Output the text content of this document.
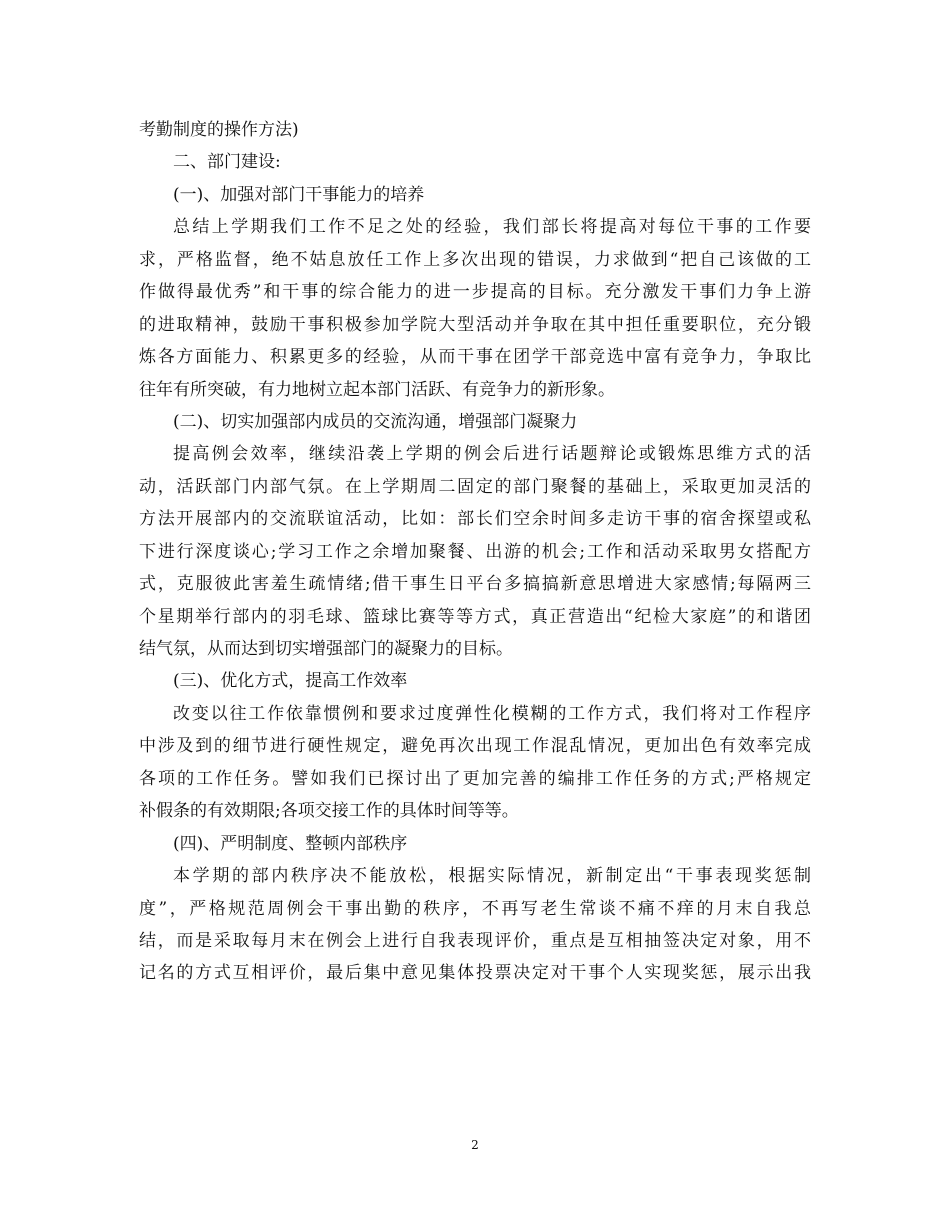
考勤制度的操作方法)
二、部门建设:
(一)、加强对部门干事能力的培养
总结上学期我们工作不足之处的经验，我们部长将提高对每位干事的工作要
求，严格监督，绝不姑息放任工作上多次出现的错误，力求做到“把自己该做的工
作做得最优秀”和干事的综合能力的进一步提高的目标。充分激发干事们力争上游
的进取精神，鼓励干事积极参加学院大型活动并争取在其中担任重要职位，充分锻
炼各方面能力、积累更多的经验，从而干事在团学干部竞选中富有竞争力，争取比
往年有所突破，有力地树立起本部门活跃、有竞争力的新形象。
(二)、切实加强部内成员的交流沟通，增强部门凝聚力
提高例会效率，继续沿袭上学期的例会后进行话题辩论或锻炼思维方式的活
动，活跃部门内部气氛。在上学期周二固定的部门聚餐的基础上，采取更加灵活的
方法开展部内的交流联谊活动，比如：部长们空余时间多走访干事的宿舍探望或私
下进行深度谈心;学习工作之余增加聚餐、出游的机会;工作和活动采取男女搭配方
式，克服彼此害羞生疏情绪;借干事生日平台多搞搞新意思增进大家感情;每隔两三
个星期举行部内的羽毛球、篮球比赛等等方式，真正营造出“纪检大家庭”的和谐团
结气氛，从而达到切实增强部门的凝聚力的目标。
(三)、优化方式，提高工作效率
改变以往工作依靠惯例和要求过度弹性化模糊的工作方式，我们将对工作程序
中涉及到的细节进行硬性规定，避免再次出现工作混乱情况，更加出色有效率完成
各项的工作任务。譬如我们已探讨出了更加完善的编排工作任务的方式;严格规定
补假条的有效期限;各项交接工作的具体时间等等。
(四)、严明制度、整顿内部秩序
本学期的部内秩序决不能放松，根据实际情况，新制定出“干事表现奖惩制
度”，严格规范周例会干事出勤的秩序，不再写老生常谈不痛不痒的月末自我总
结，而是采取每月末在例会上进行自我表现评价，重点是互相抽签决定对象，用不
记名的方式互相评价，最后集中意见集体投票决定对干事个人实现奖惩，展示出我
2
